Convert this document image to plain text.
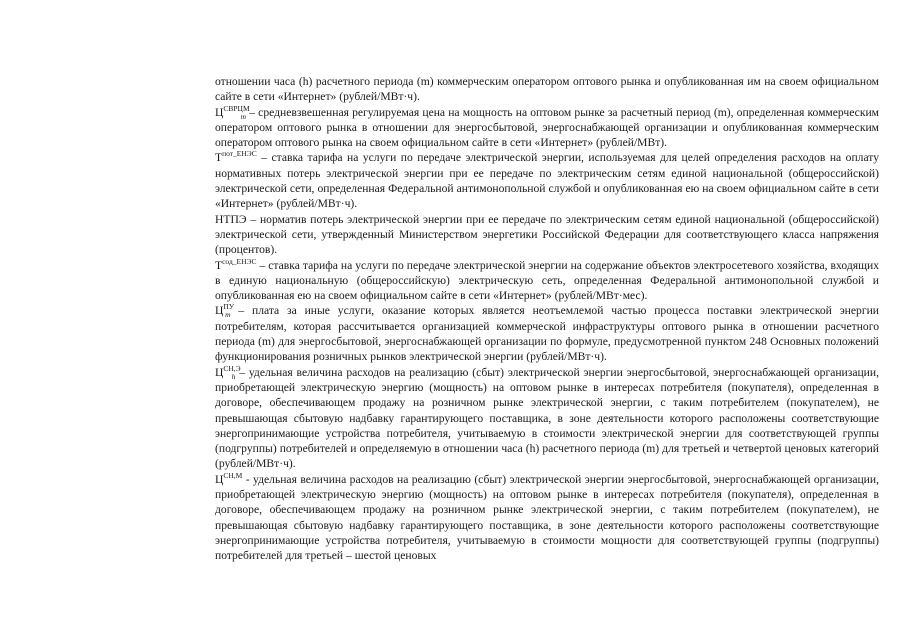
отношении часа (h) расчетного периода (m) коммерческим оператором оптового рынка и опубликованная им на своем официальном сайте в сети «Интернет» (рублей/МВт·ч).

$Ц^{СВРЦМ}_m$ – средневзвешенная регулируемая цена на мощность на оптовом рынке за расчетный период (m), определенная коммерческим оператором оптового рынка в отношении для энергосбытовой, энергоснабжающей организации и опубликованная коммерческим оператором оптового рынка на своем официальном сайте в сети «Интернет» (рублей/МВт).

$Т^{пот\_ЕНЭС}$ – ставка тарифа на услуги по передаче электрической энергии, используемая для целей определения расходов на оплату нормативных потерь электрической энергии при ее передаче по электрическим сетям единой национальной (общероссийской) электрической сети, определенная Федеральной антимонопольной службой и опубликованная ею на своем официальном сайте в сети «Интернет» (рублей/МВт·ч).

НТПЭ – норматив потерь электрической энергии при ее передаче по электрическим сетям единой национальной (общероссийской) электрической сети, утвержденный Министерством энергетики Российской Федерации для соответствующего класса напряжения (процентов).

$Т^{сод\_ЕНЭС}$ – ставка тарифа на услуги по передаче электрической энергии на содержание объектов электросетевого хозяйства, входящих в единую национальную (общероссийскую) электрическую сеть, определенная Федеральной антимонопольной службой и опубликованная ею на своем официальном сайте в сети «Интернет» (рублей/МВт·мес).

$Ц^{ПУ}_m$ – плата за иные услуги, оказание которых является неотъемлемой частью процесса поставки электрической энергии потребителям, которая рассчитывается организацией коммерческой инфраструктуры оптового рынка в отношении расчетного периода (m) для энергосбытовой, энергоснабжающей организации по формуле, предусмотренной пунктом 248 Основных положений функционирования розничных рынков электрической энергии (рублей/МВт·ч).

$Ц^{СН,Э}_h$ – удельная величина расходов на реализацию (сбыт) электрической энергии энергосбытовой, энергоснабжающей организации, приобретающей электрическую энергию (мощность) на оптовом рынке в интересах потребителя (покупателя), определенная в договоре, обеспечивающем продажу на розничном рынке электрической энергии, с таким потребителем (покупателем), не превышающая сбытовую надбавку гарантирующего поставщика, в зоне деятельности которого расположены соответствующие энергопринимающие устройства потребителя, учитываемую в стоимости электрической энергии для соответствующей группы (подгруппы) потребителей и определяемую в отношении часа (h) расчетного периода (m) для третьей и четвертой ценовых категорий (рублей/МВт·ч).

$Ц^{СН,М}$ - удельная величина расходов на реализацию (сбыт) электрической энергии энергосбытовой, энергоснабжающей организации, приобретающей электрическую энергию (мощность) на оптовом рынке в интересах потребителя (покупателя), определенная в договоре, обеспечивающем продажу на розничном рынке электрической энергии, с таким потребителем (покупателем), не превышающая сбытовую надбавку гарантирующего поставщика, в зоне деятельности которого расположены соответствующие энергопринимающие устройства потребителя, учитываемую в стоимости мощности для соответствующей группы (подгруппы) потребителей для третьей – шестой ценовых
